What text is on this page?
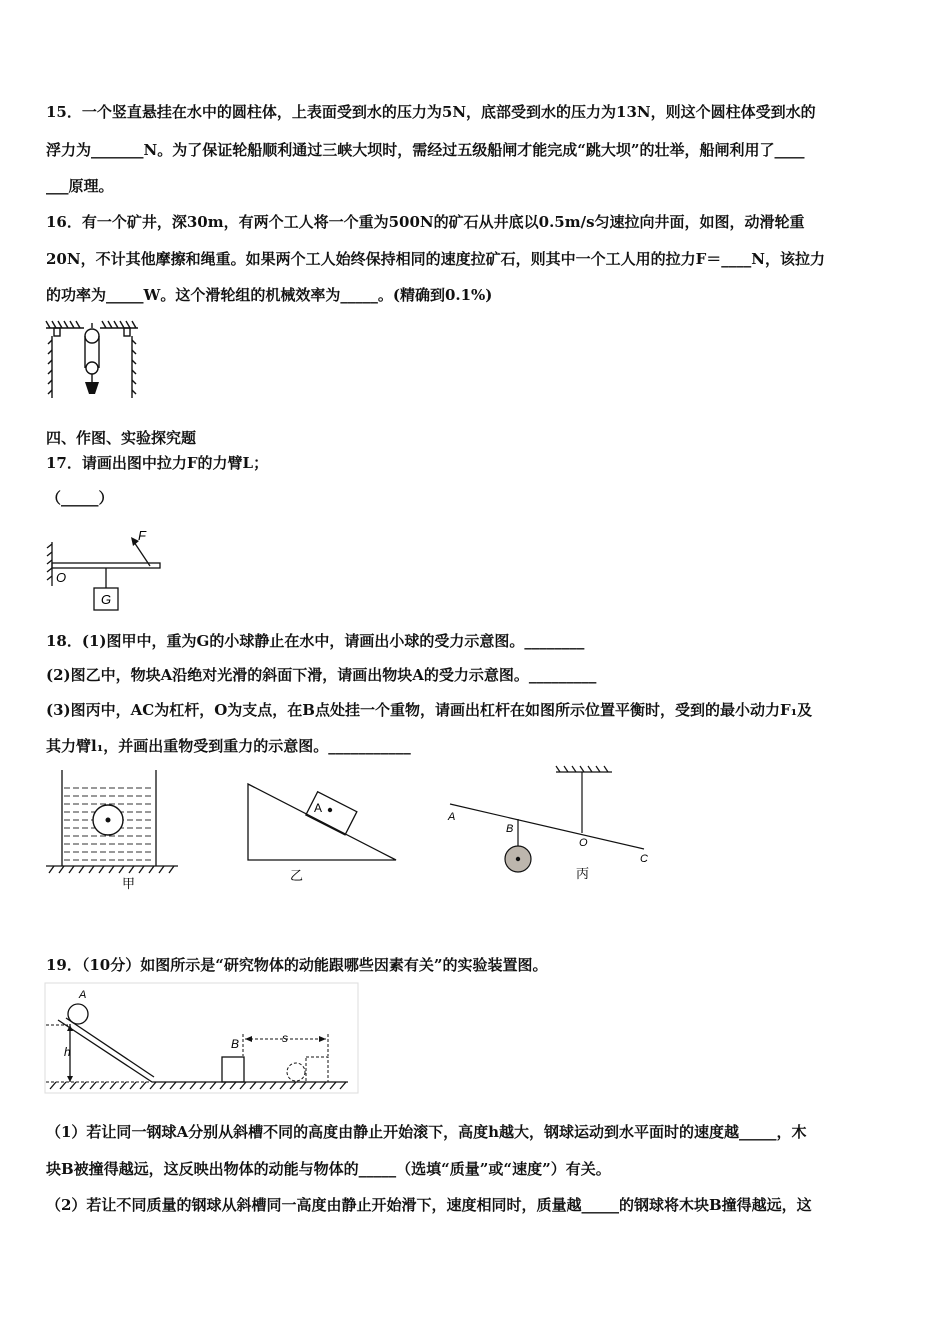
15．一个竖直悬挂在水中的圆柱体，上表面受到水的压力为5N，底部受到水的压力为13N，则这个圆柱体受到水的
浮力为_______N。为了保证轮船顺利通过三峡大坝时，需经过五级船闸才能完成“跳大坝”的壮举，船闸利用了____
___原理。
16．有一个矿井，深30m，有两个工人将一个重为500N的矿石从井底以0.5m/s匀速拉向井面，如图，动滑轮重
20N，不计其他摩擦和绳重。如果两个工人始终保持相同的速度拉矿石，则其中一个工人用的拉力F＝____N，该拉力
的功率为_____W。这个滑轮组的机械效率为_____。(精确到0.1%)
四、作图、实验探究题
17．请画出图中拉力F的力臂L；
（_____）
F
O
G
18．(1)图甲中，重为G的小球静止在水中，请画出小球的受力示意图。________
(2)图乙中，物块A沿绝对光滑的斜面下滑，请画出物块A的受力示意图。_________
(3)图丙中，AC为杠杆，O为支点，在B点处挂一个重物，请画出杠杆在如图所示位置平衡时，受到的最小动力F₁及
其力臂l₁，并画出重物受到重力的示意图。___________
甲
A
乙
A
B
O
C
丙
19．（10分）如图所示是“研究物体的动能跟哪些因素有关”的实验装置图。
A
h
B	s
（1）若让同一钢球A分别从斜槽不同的高度由静止开始滚下，高度h越大，钢球运动到水平面时的速度越_____，木
块B被撞得越远，这反映出物体的动能与物体的_____（选填“质量”或“速度”）有关。
（2）若让不同质量的钢球从斜槽同一高度由静止开始滑下，速度相同时，质量越_____的钢球将木块B撞得越远，这
